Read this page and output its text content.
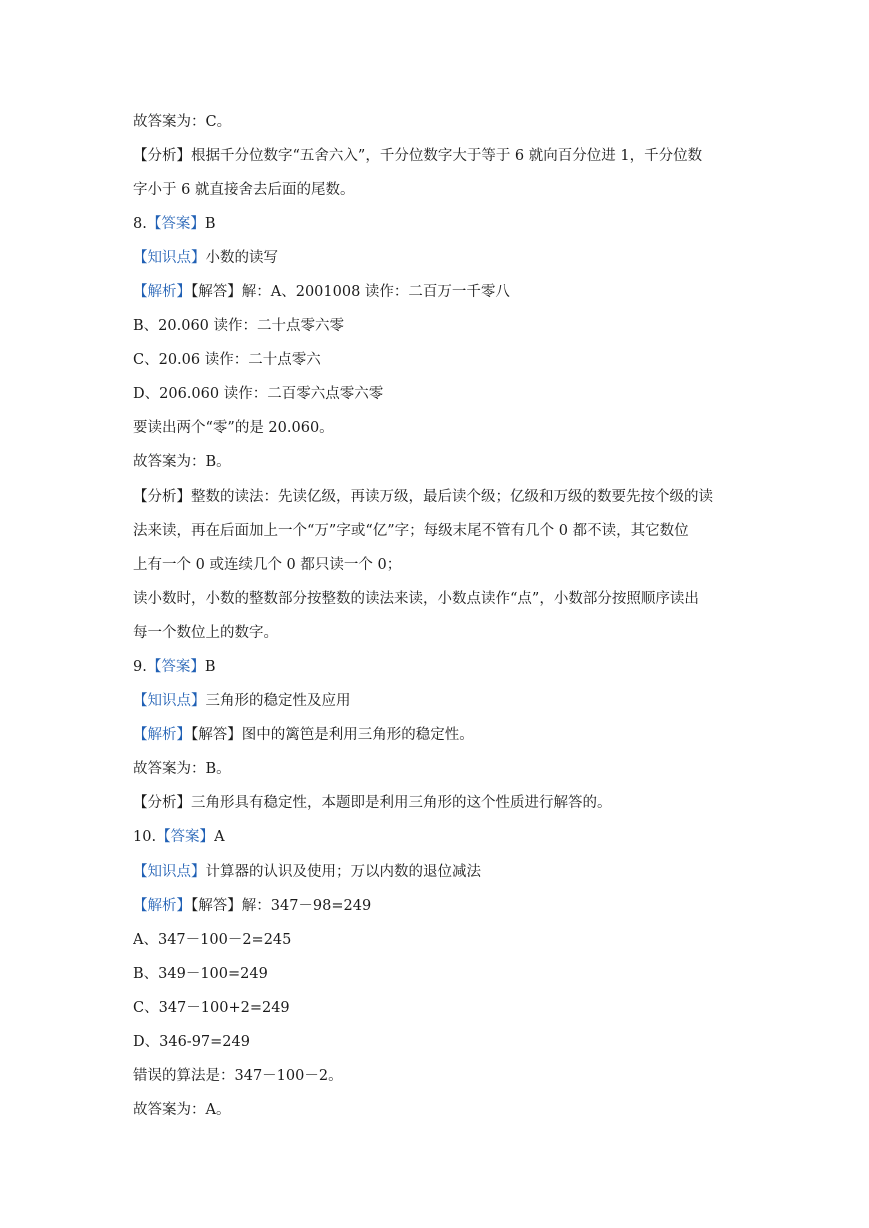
故答案为：C。
【分析】根据千分位数字“五舍六入”，千分位数字大于等于 6 就向百分位进 1，千分位数
字小于 6 就直接舍去后面的尾数。
8.【答案】B
【知识点】小数的读写
【解析】【解答】解：A、2001008 读作：二百万一千零八
B、20.060 读作：二十点零六零
C、20.06 读作：二十点零六
D、206.060 读作：二百零六点零六零
要读出两个“零”的是 20.060。
故答案为：B。
【分析】整数的读法：先读亿级，再读万级，最后读个级；亿级和万级的数要先按个级的读
法来读，再在后面加上一个“万”字或“亿”字；每级末尾不管有几个 0 都不读，其它数位
上有一个 0 或连续几个 0 都只读一个 0；
读小数时，小数的整数部分按整数的读法来读，小数点读作“点”，小数部分按照顺序读出
每一个数位上的数字。
9.【答案】B
【知识点】三角形的稳定性及应用
【解析】【解答】图中的篱笆是利用三角形的稳定性。
故答案为：B。
【分析】三角形具有稳定性，本题即是利用三角形的这个性质进行解答的。
10.【答案】A
【知识点】计算器的认识及使用；万以内数的退位减法
【解析】【解答】解：347－98=249
A、347－100－2=245
B、349－100=249
C、347－100+2=249
D、346-97=249
错误的算法是：347－100－2。
故答案为：A。
